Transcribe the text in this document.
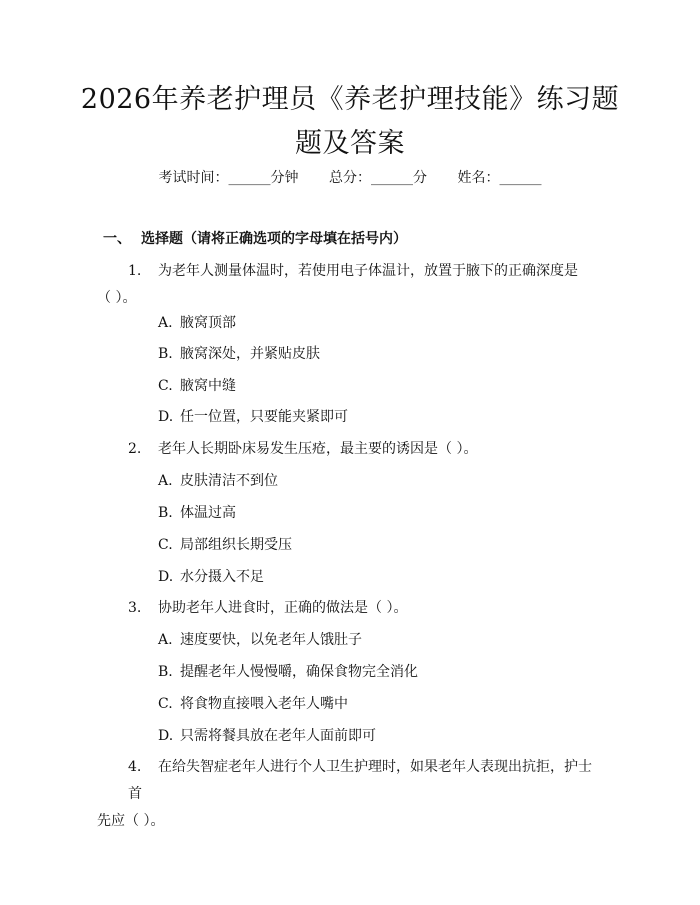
2026年养老护理员《养老护理技能》练习题
题及答案
考试时间：______分钟 总分：______分 姓名：______
一、 选择题（请将正确选项的字母填在括号内）
1. 为老年人测量体温时，若使用电子体温计，放置于腋下的正确深度是
（ ）。
A. 腋窝顶部
B. 腋窝深处，并紧贴皮肤
C. 腋窝中缝
D. 任一位置，只要能夹紧即可
2. 老年人长期卧床易发生压疮，最主要的诱因是（ ）。
A. 皮肤清洁不到位
B. 体温过高
C. 局部组织长期受压
D. 水分摄入不足
3. 协助老年人进食时，正确的做法是（ ）。
A. 速度要快，以免老年人饿肚子
B. 提醒老年人慢慢嚼，确保食物完全消化
C. 将食物直接喂入老年人嘴中
D. 只需将餐具放在老年人面前即可
4. 在给失智症老年人进行个人卫生护理时，如果老年人表现出抗拒，护士首
先应（ ）。
